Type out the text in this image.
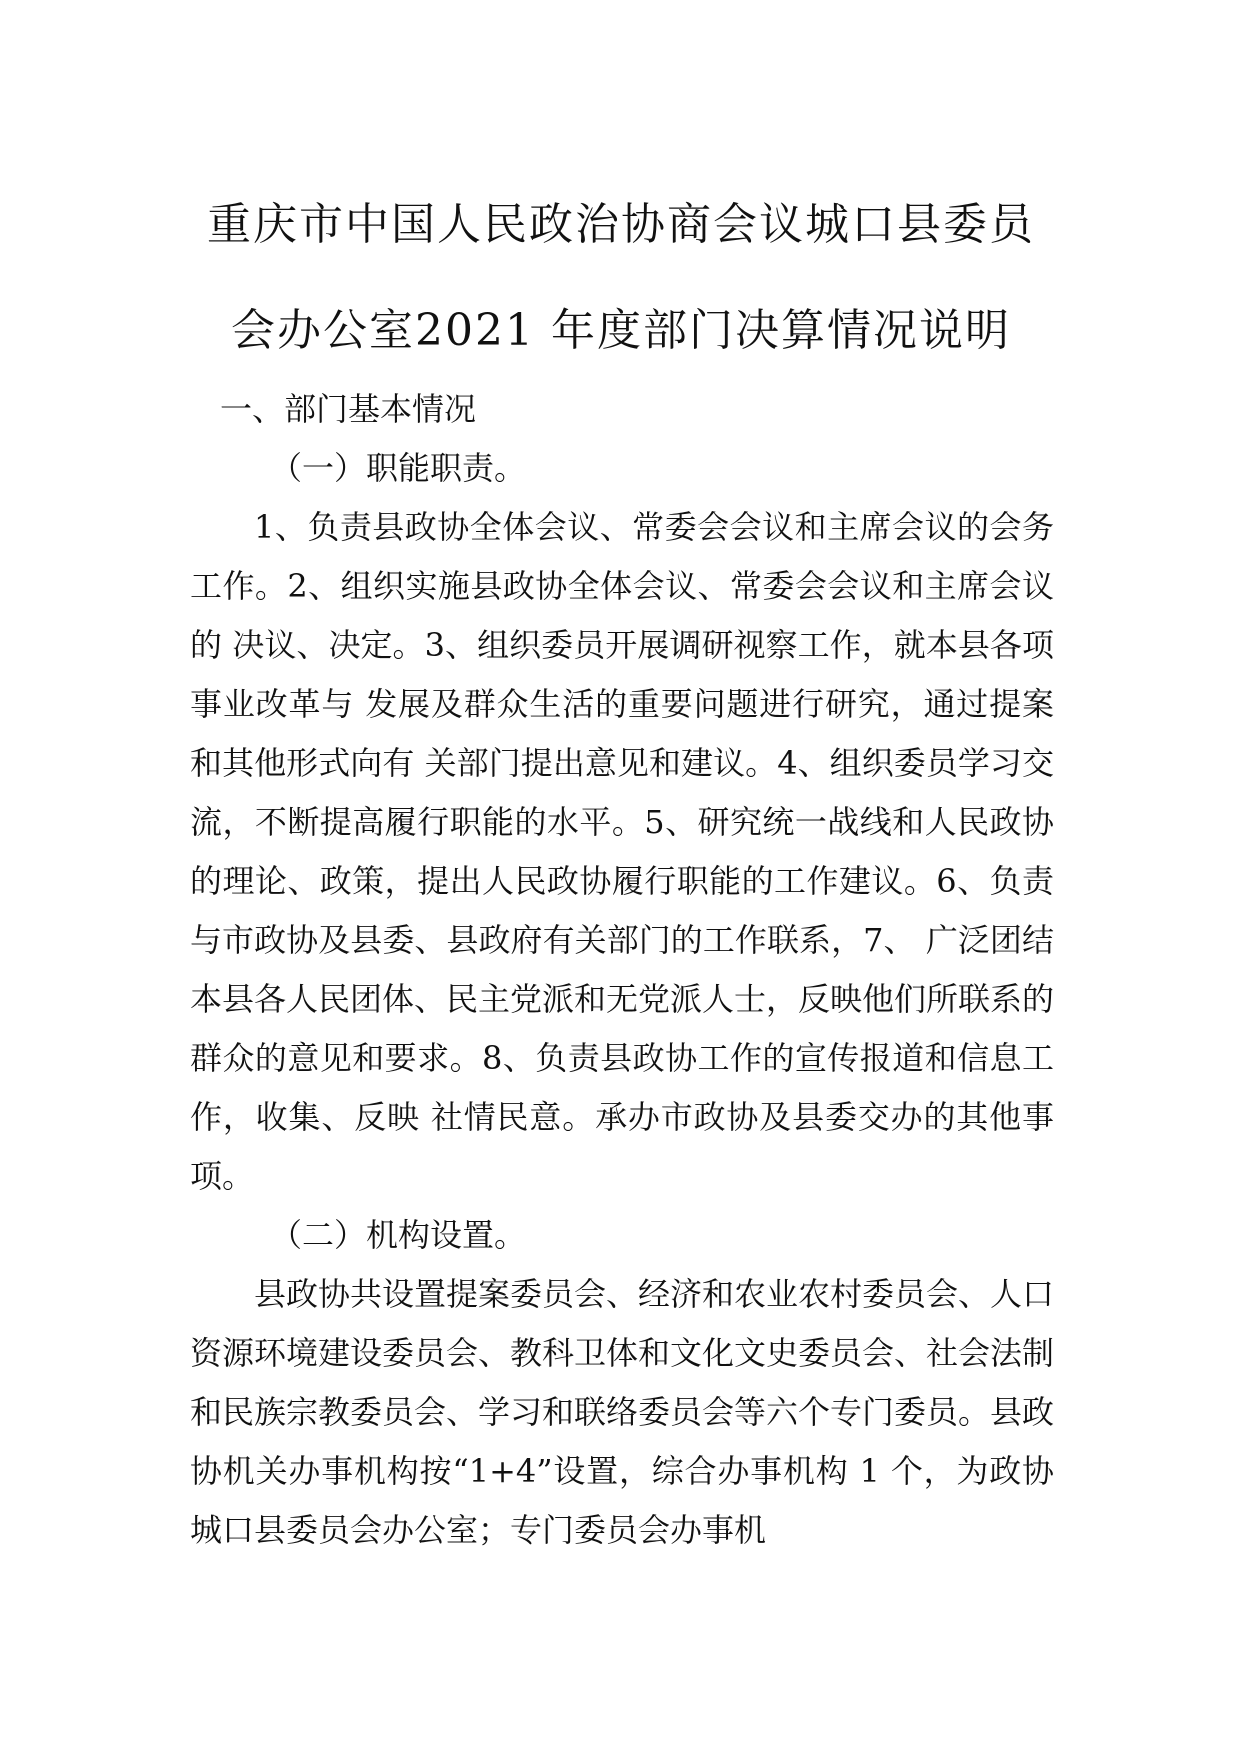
重庆市中国人民政治协商会议城口县委员
会办公室2021 年度部门决算情况说明

一、部门基本情况

（一）职能职责。

1、负责县政协全体会议、常委会会议和主席会议的会务工作。2、组织实施县政协全体会议、常委会会议和主席会议的 决议、决定。3、组织委员开展调研视察工作，就本县各项事业改革与 发展及群众生活的重要问题进行研究，通过提案和其他形式向有 关部门提出意见和建议。4、组织委员学习交流，不断提高履行职能的水平。5、研究统一战线和人民政协的理论、政策，提出人民政协履行职能的工作建议。6、负责与市政协及县委、县政府有关部门的工作联系，7、 广泛团结本县各人民团体、民主党派和无党派人士，反映他们所联系的群众的意见和要求。8、负责县政协工作的宣传报道和信息工作，收集、反映 社情民意。承办市政协及县委交办的其他事项。

（二）机构设置。

县政协共设置提案委员会、经济和农业农村委员会、人口资源环境建设委员会、教科卫体和文化文史委员会、社会法制和民族宗教委员会、学习和联络委员会等六个专门委员。县政协机关办事机构按“1+4”设置，综合办事机构 1 个，为政协城口县委员会办公室；专门委员会办事机
